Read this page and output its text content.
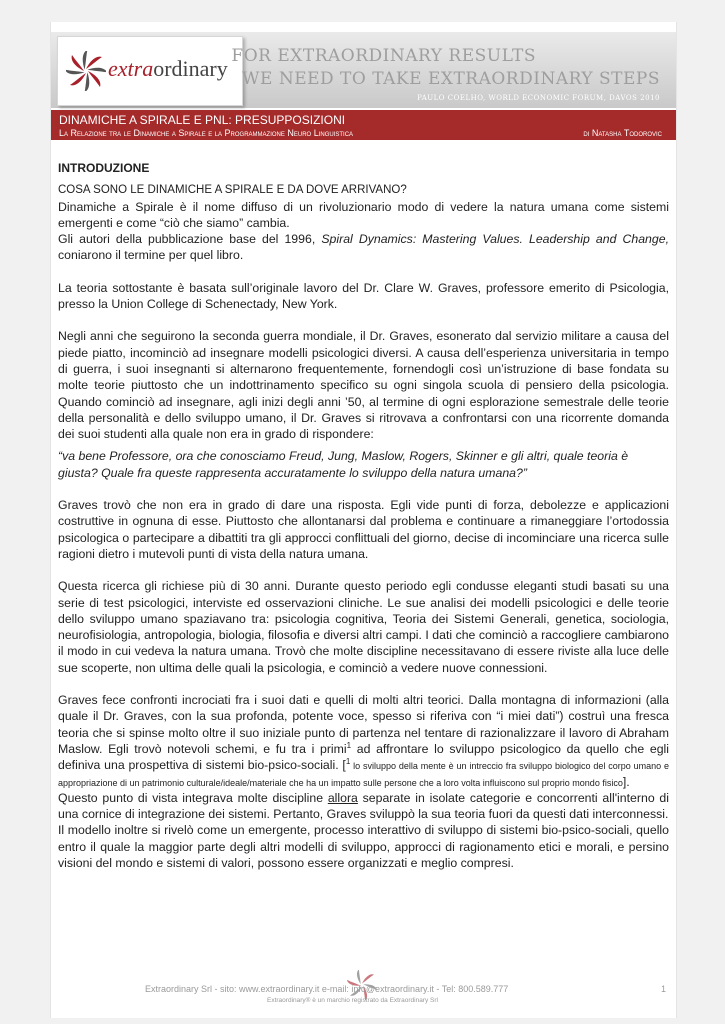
extraordinary FOR EXTRAORDINARY RESULTS
WE NEED TO TAKE EXTRAORDINARY STEPS
PAULO COELHO, WORLD ECONOMIC FORUM, DAVOS 2010
DINAMICHE A SPIRALE E PNL: PRESUPPOSIZIONI
La Relazione tra le Dinamiche a Spirale e la Programmazione Neuro Linguistica	di Natasha Todorovic

INTRODUZIONE

COSA SONO LE DINAMICHE A SPIRALE E DA DOVE ARRIVANO?

Dinamiche a Spirale è il nome diffuso di un rivoluzionario modo di vedere la natura umana come sistemi emergenti e come “ciò che siamo” cambia.

Gli autori della pubblicazione base del 1996, Spiral Dynamics: Mastering Values. Leadership and Change, coniarono il termine per quel libro.

La teoria sottostante è basata sull’originale lavoro del Dr. Clare W. Graves, professore emerito di Psicologia, presso la Union College di Schenectady, New York.

Negli anni che seguirono la seconda guerra mondiale, il Dr. Graves, esonerato dal servizio militare a causa del piede piatto, incominciò ad insegnare modelli psicologici diversi. A causa dell’esperienza universitaria in tempo di guerra, i suoi insegnanti si alternarono frequentemente, fornendogli così un’istruzione di base fondata su molte teorie piuttosto che un indottrinamento specifico su ogni singola scuola di pensiero della psicologia. Quando cominciò ad insegnare, agli inizi degli anni ’50, al termine di ogni esplorazione semestrale delle teorie della personalità e dello sviluppo umano, il Dr. Graves si ritrovava a confrontarsi con una ricorrente domanda dei suoi studenti alla quale non era in grado di rispondere:

“va bene Professore, ora che conosciamo Freud, Jung, Maslow, Rogers, Skinner e gli altri, quale teoria è giusta? Quale fra queste rappresenta accuratamente lo sviluppo della natura umana?”

Graves trovò che non era in grado di dare una risposta. Egli vide punti di forza, debolezze e applicazioni costruttive in ognuna di esse. Piuttosto che allontanarsi dal problema e continuare a rimaneggiare l’ortodossia psicologica o partecipare a dibattiti tra gli approcci conflittuali del giorno, decise di incominciare una ricerca sulle ragioni dietro i mutevoli punti di vista della natura umana.

Questa ricerca gli richiese più di 30 anni. Durante questo periodo egli condusse eleganti studi basati su una serie di test psicologici, interviste ed osservazioni cliniche. Le sue analisi dei modelli psicologici e delle teorie dello sviluppo umano spaziavano tra: psicologia cognitiva, Teoria dei Sistemi Generali, genetica, sociologia, neurofisiologia, antropologia, biologia, filosofia e diversi altri campi. I dati che cominciò a raccogliere cambiarono il modo in cui vedeva la natura umana. Trovò che molte discipline necessitavano di essere riviste alla luce delle sue scoperte, non ultima delle quali la psicologia, e cominciò a vedere nuove connessioni.

Graves fece confronti incrociati fra i suoi dati e quelli di molti altri teorici. Dalla montagna di informazioni (alla quale il Dr. Graves, con la sua profonda, potente voce, spesso si riferiva con “i miei dati”) costruì una fresca teoria che si spinse molto oltre il suo iniziale punto di partenza nel tentare di razionalizzare il lavoro di Abraham Maslow. Egli trovò notevoli schemi, e fu tra i primi$^1$ ad affrontare lo sviluppo psicologico da quello che egli definiva una prospettiva di sistemi bio-psico-sociali. [$^1$ lo sviluppo della mente è un intreccio fra sviluppo biologico del corpo umano e appropriazione di un patrimonio culturale/ideale/materiale che ha un impatto sulle persone che a loro volta influiscono sul proprio mondo fisico].

Questo punto di vista integrava molte discipline allora separate in isolate categorie e concorrenti all'interno di una cornice di integrazione dei sistemi. Pertanto, Graves sviluppò la sua teoria fuori da questi dati interconnessi.

Il modello inoltre si rivelò come un emergente, processo interattivo di sviluppo di sistemi bio-psico-sociali, quello entro il quale la maggior parte degli altri modelli di sviluppo, approcci di ragionamento etici e morali, e persino visioni del mondo e sistemi di valori, possono essere organizzati e meglio compresi.

Extraordinary Srl - sito: www.extraordinary.it e-mail: info@extraordinary.it - Tel: 800.589.777
Extraordinary® è un marchio registrato da Extraordinary Srl
1
